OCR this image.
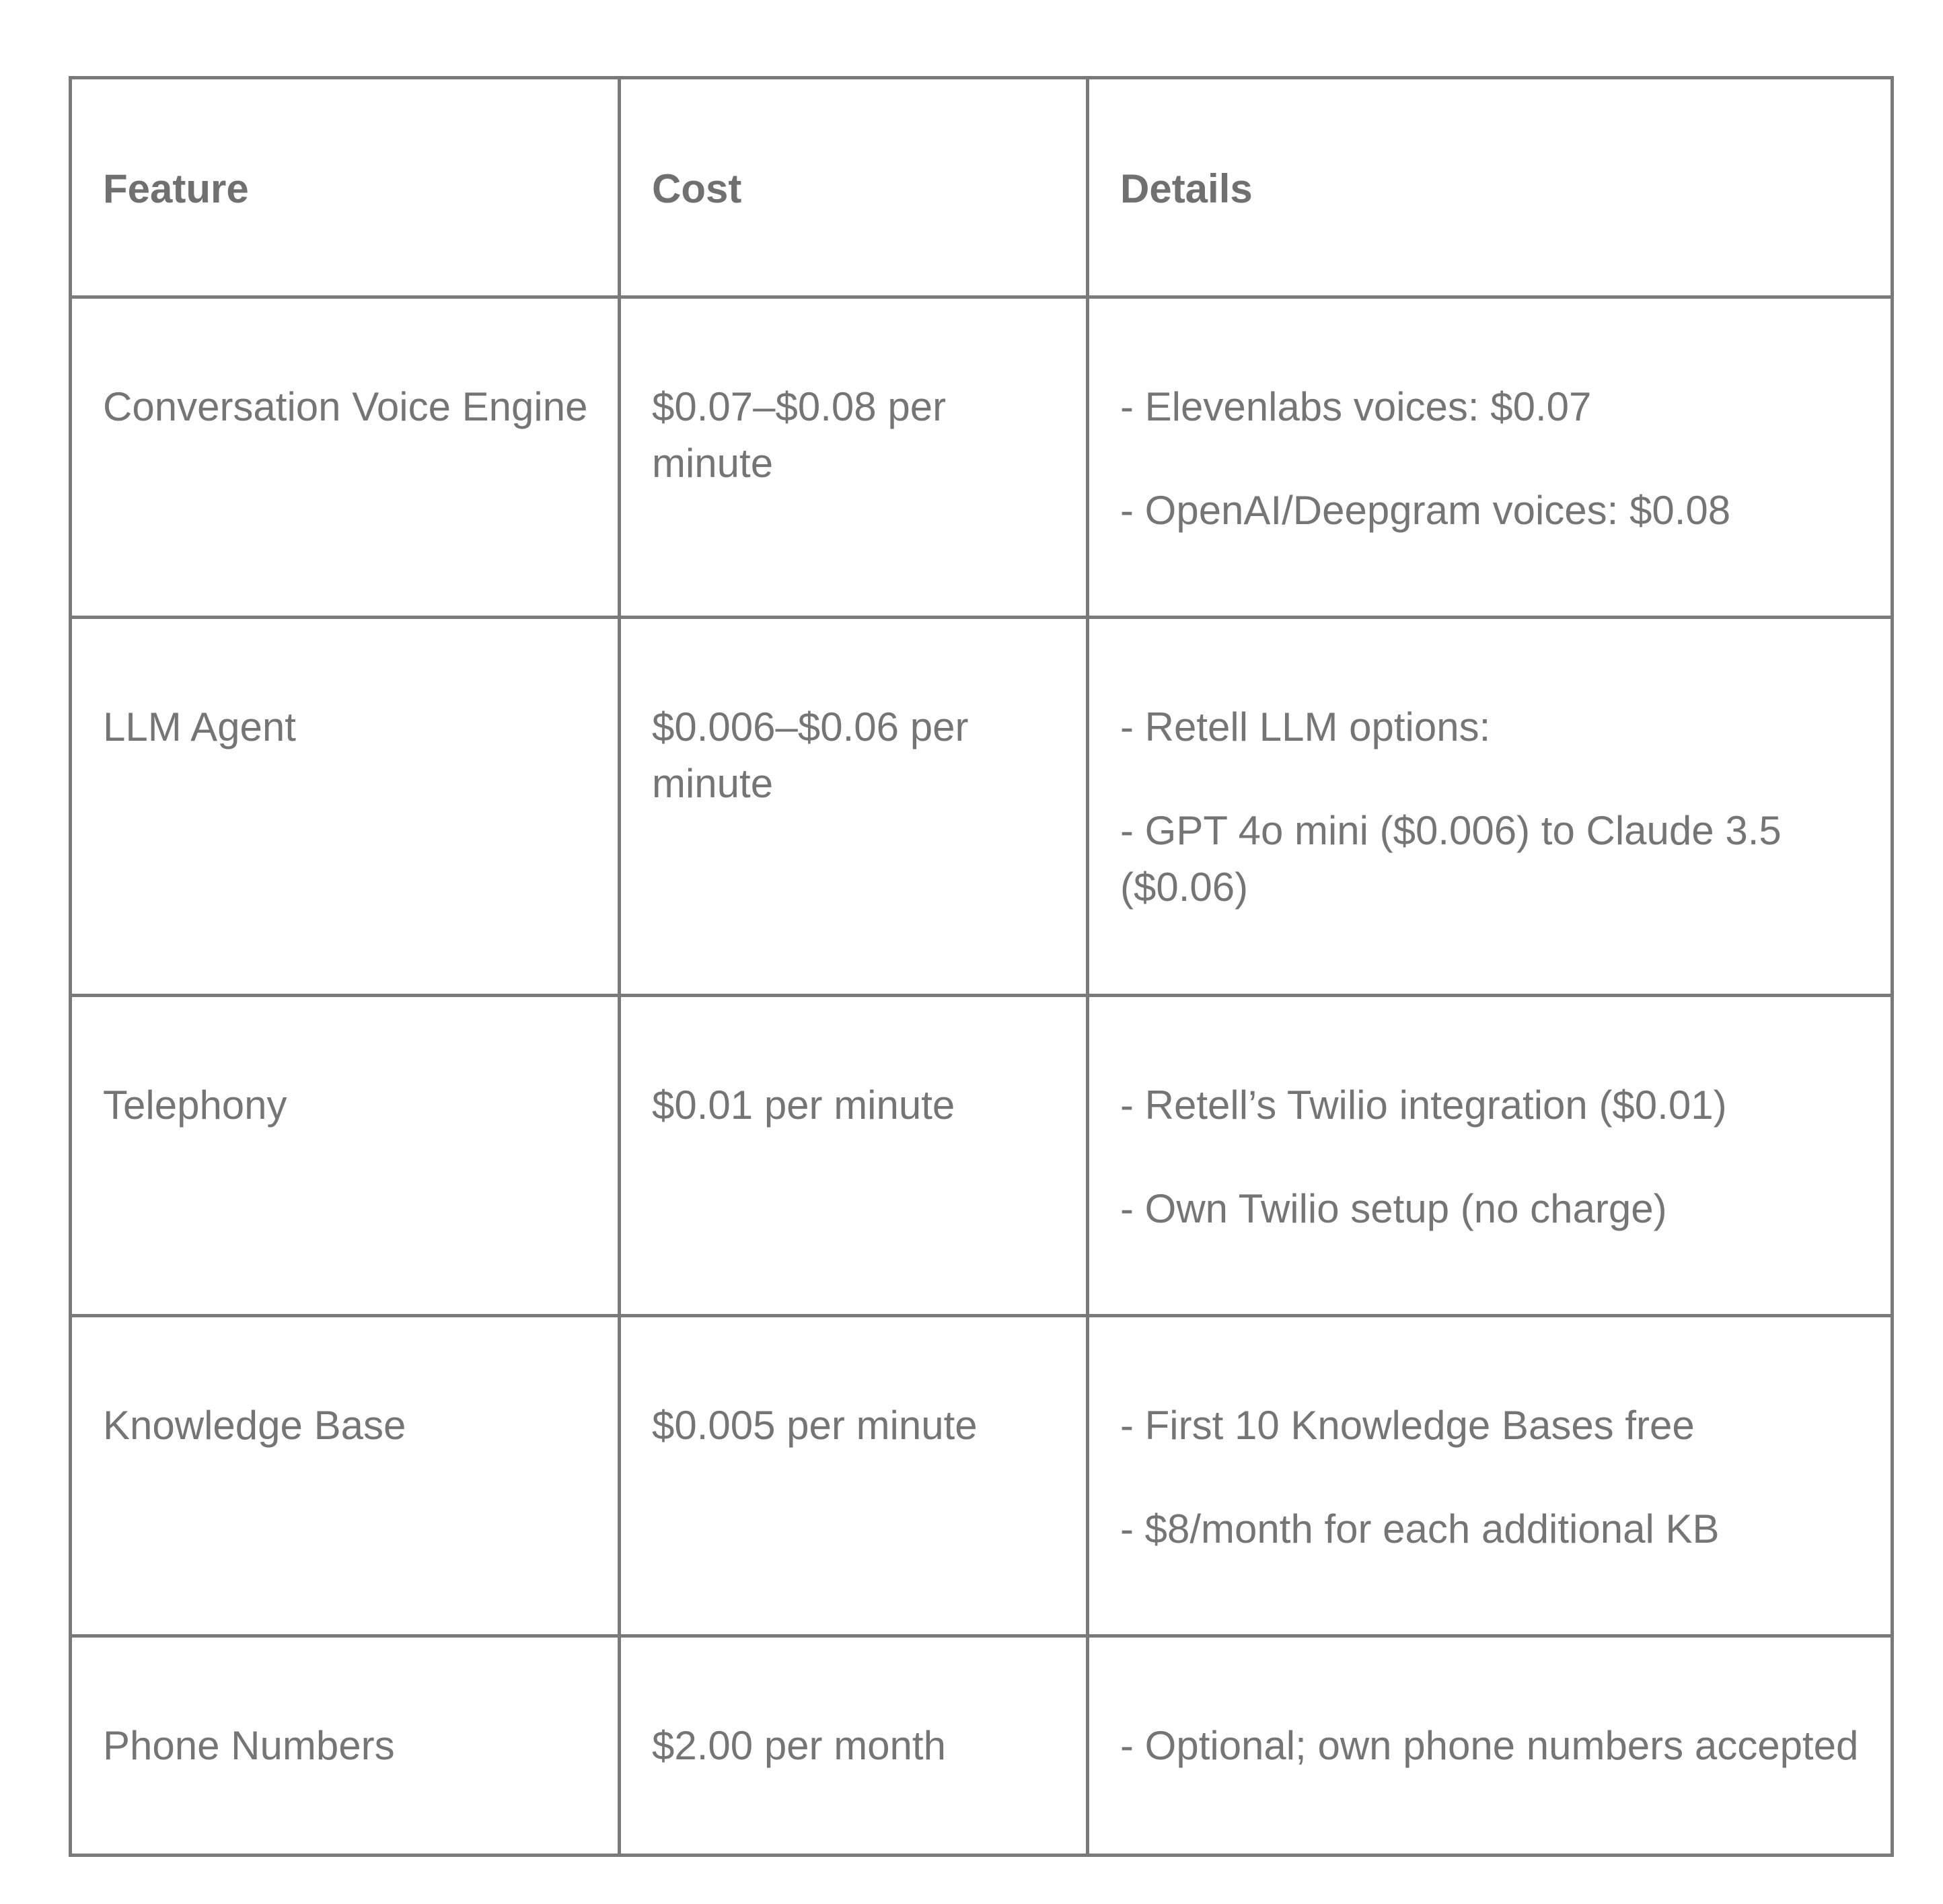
Feature	Cost	Details
Conversation Voice Engine	$0.07–$0.08 per minute	- Elevenlabs voices: $0.07
- OpenAI/Deepgram voices: $0.08

LLM Agent	$0.006–$0.06 per minute	- Retell LLM options:
- GPT 4o mini ($0.006) to Claude 3.5 ($0.06)

Telephony	$0.01 per minute	- Retell’s Twilio integration ($0.01)
- Own Twilio setup (no charge)

Knowledge Base	$0.005 per minute	- First 10 Knowledge Bases free
- $8/month for each additional KB

Phone Numbers	$2.00 per month	- Optional; own phone numbers accepted
